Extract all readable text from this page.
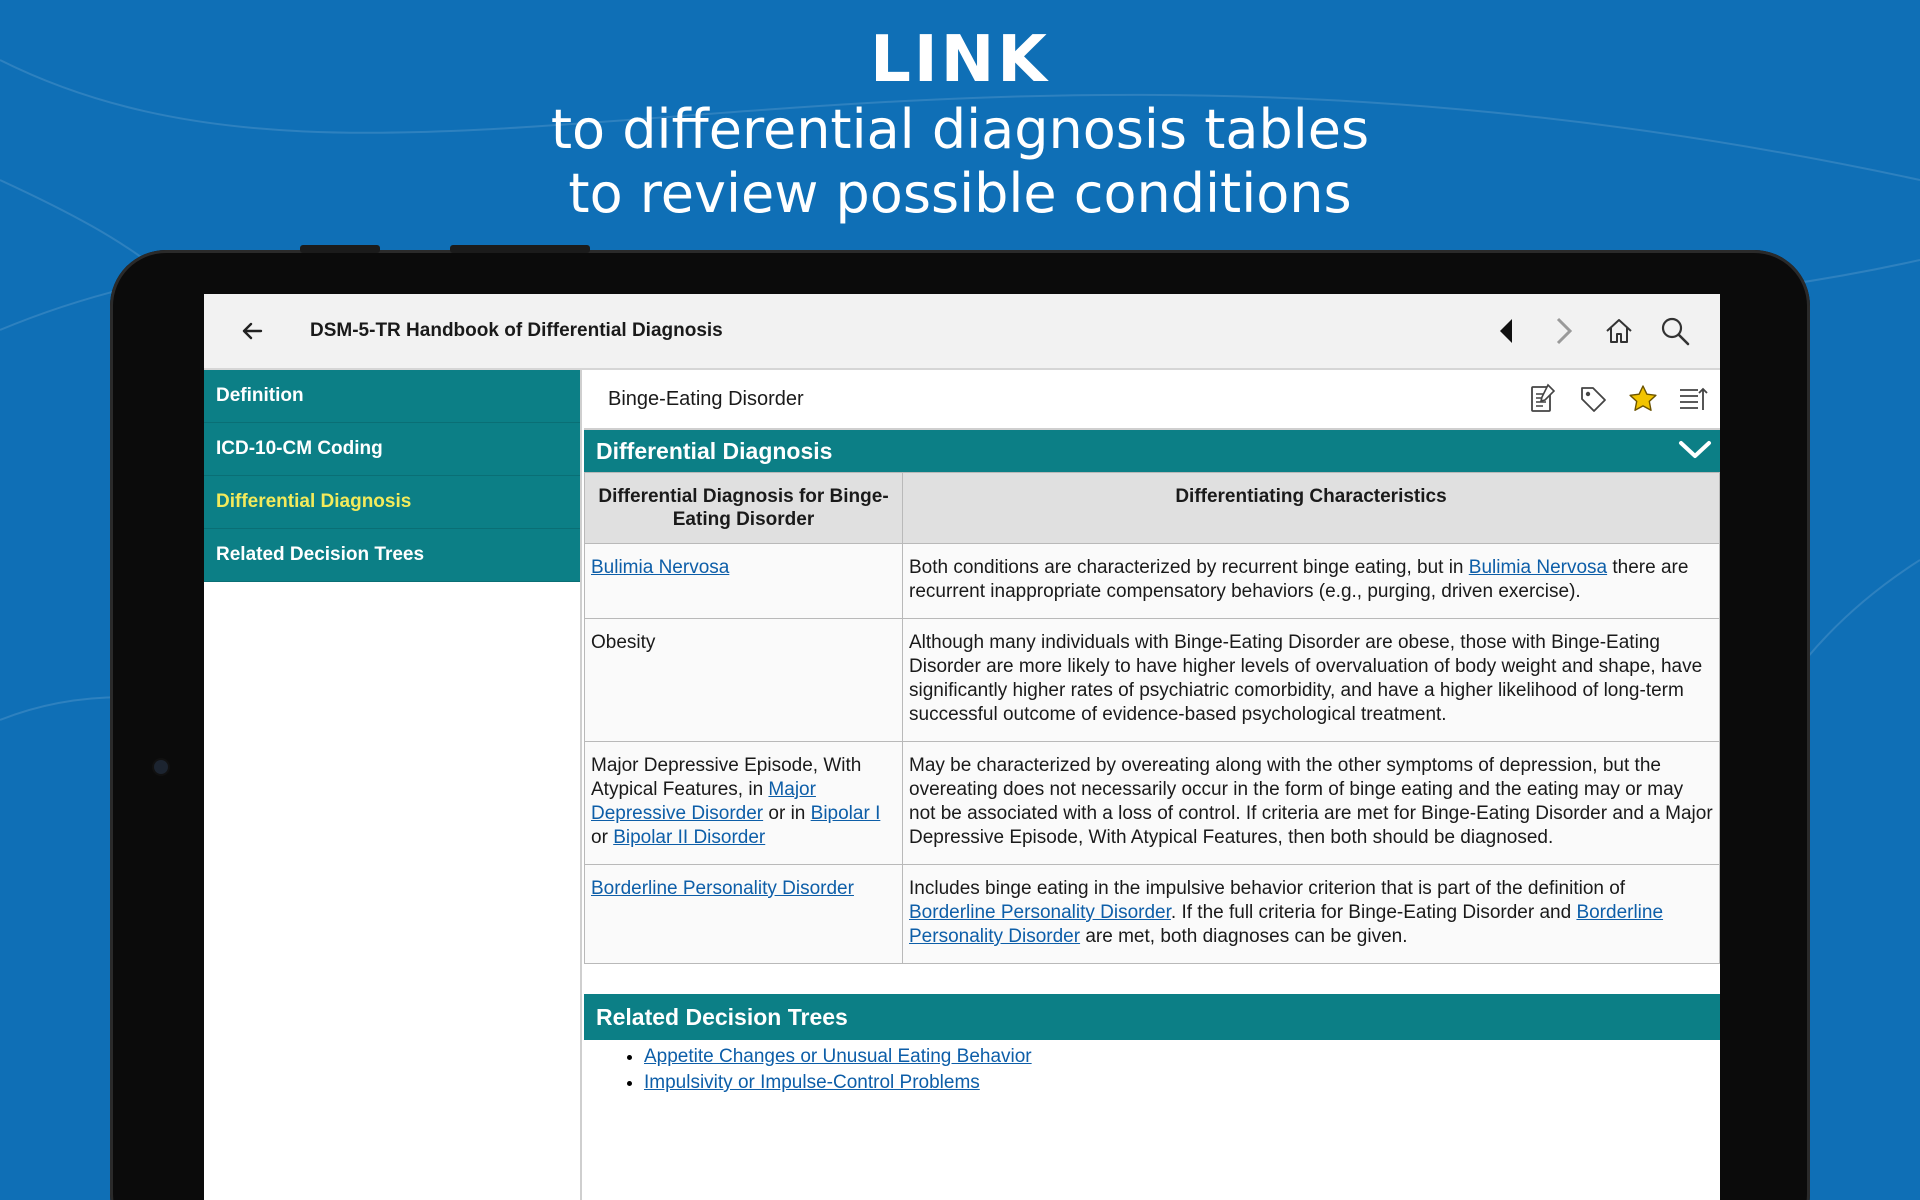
LINK
to differential diagnosis tables
to review possible conditions
DSM-5-TR Handbook of Differential Diagnosis
Definition
ICD-10-CM Coding
Differential Diagnosis
Related Decision Trees
Binge-Eating Disorder
Differential Diagnosis
Differential Diagnosis for Binge-Eating Disorder	Differentiating Characteristics
Bulimia Nervosa	Both conditions are characterized by recurrent binge eating, but in Bulimia Nervosa there are recurrent inappropriate compensatory behaviors (e.g., purging, driven exercise).
Obesity	Although many individuals with Binge-Eating Disorder are obese, those with Binge-Eating Disorder are more likely to have higher levels of overvaluation of body weight and shape, have significantly higher rates of psychiatric comorbidity, and have a higher likelihood of long-term successful outcome of evidence-based psychological treatment.
Major Depressive Episode, With Atypical Features, in Major Depressive Disorder or in Bipolar I or Bipolar II Disorder	May be characterized by overeating along with the other symptoms of depression, but the overeating does not necessarily occur in the form of binge eating and the eating may or may not be associated with a loss of control. If criteria are met for Binge-Eating Disorder and a Major Depressive Episode, With Atypical Features, then both should be diagnosed.
Borderline Personality Disorder	Includes binge eating in the impulsive behavior criterion that is part of the definition of Borderline Personality Disorder. If the full criteria for Binge-Eating Disorder and Borderline Personality Disorder are met, both diagnoses can be given.
Related Decision Trees
• Appetite Changes or Unusual Eating Behavior
• Impulsivity or Impulse-Control Problems
